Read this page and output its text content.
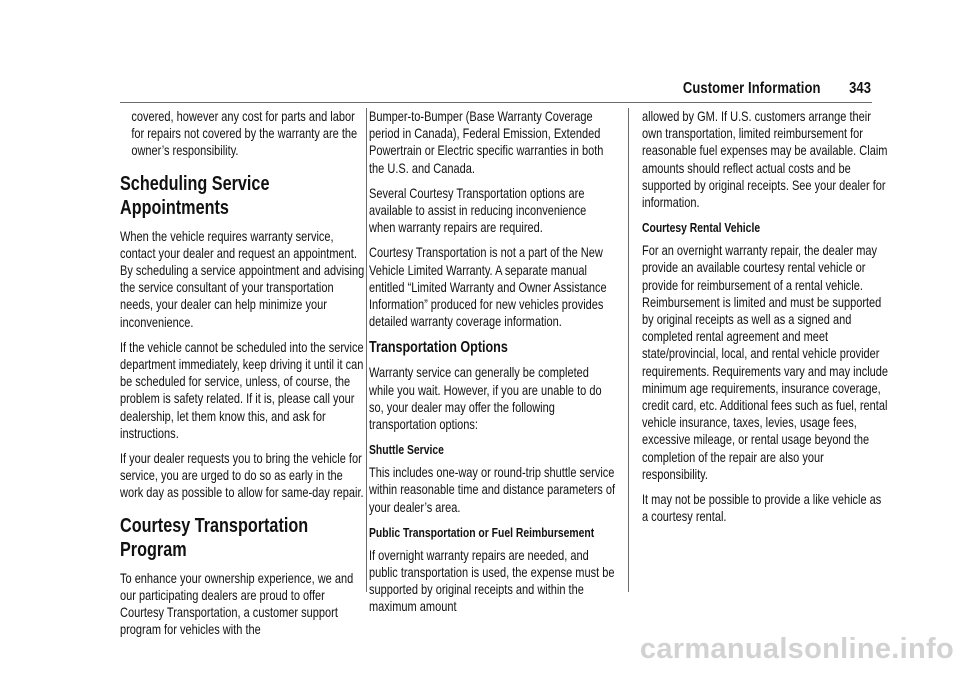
Customer Information 343

covered, however any cost for parts and labor for repairs not covered by the warranty are the owner’s responsibility.

Scheduling Service Appointments

When the vehicle requires warranty service, contact your dealer and request an appointment. By scheduling a service appointment and advising the service consultant of your transportation needs, your dealer can help minimize your inconvenience.

If the vehicle cannot be scheduled into the service department immediately, keep driving it until it can be scheduled for service, unless, of course, the problem is safety related. If it is, please call your dealership, let them know this, and ask for instructions.

If your dealer requests you to bring the vehicle for service, you are urged to do so as early in the work day as possible to allow for same-day repair.

Courtesy Transportation Program

To enhance your ownership experience, we and our participating dealers are proud to offer Courtesy Transportation, a customer support program for vehicles with the

Bumper-to-Bumper (Base Warranty Coverage period in Canada), Federal Emission, Extended Powertrain or Electric specific warranties in both the U.S. and Canada.

Several Courtesy Transportation options are available to assist in reducing inconvenience when warranty repairs are required.

Courtesy Transportation is not a part of the New Vehicle Limited Warranty. A separate manual entitled “Limited Warranty and Owner Assistance Information” produced for new vehicles provides detailed warranty coverage information.

Transportation Options

Warranty service can generally be completed while you wait. However, if you are unable to do so, your dealer may offer the following transportation options:

Shuttle Service

This includes one-way or round-trip shuttle service within reasonable time and distance parameters of your dealer’s area.

Public Transportation or Fuel Reimbursement

If overnight warranty repairs are needed, and public transportation is used, the expense must be supported by original receipts and within the maximum amount

allowed by GM. If U.S. customers arrange their own transportation, limited reimbursement for reasonable fuel expenses may be available. Claim amounts should reflect actual costs and be supported by original receipts. See your dealer for information.

Courtesy Rental Vehicle

For an overnight warranty repair, the dealer may provide an available courtesy rental vehicle or provide for reimbursement of a rental vehicle. Reimbursement is limited and must be supported by original receipts as well as a signed and completed rental agreement and meet state/provincial, local, and rental vehicle provider requirements. Requirements vary and may include minimum age requirements, insurance coverage, credit card, etc. Additional fees such as fuel, rental vehicle insurance, taxes, levies, usage fees, excessive mileage, or rental usage beyond the completion of the repair are also your responsibility.

It may not be possible to provide a like vehicle as a courtesy rental.

carmanualsonline.info
